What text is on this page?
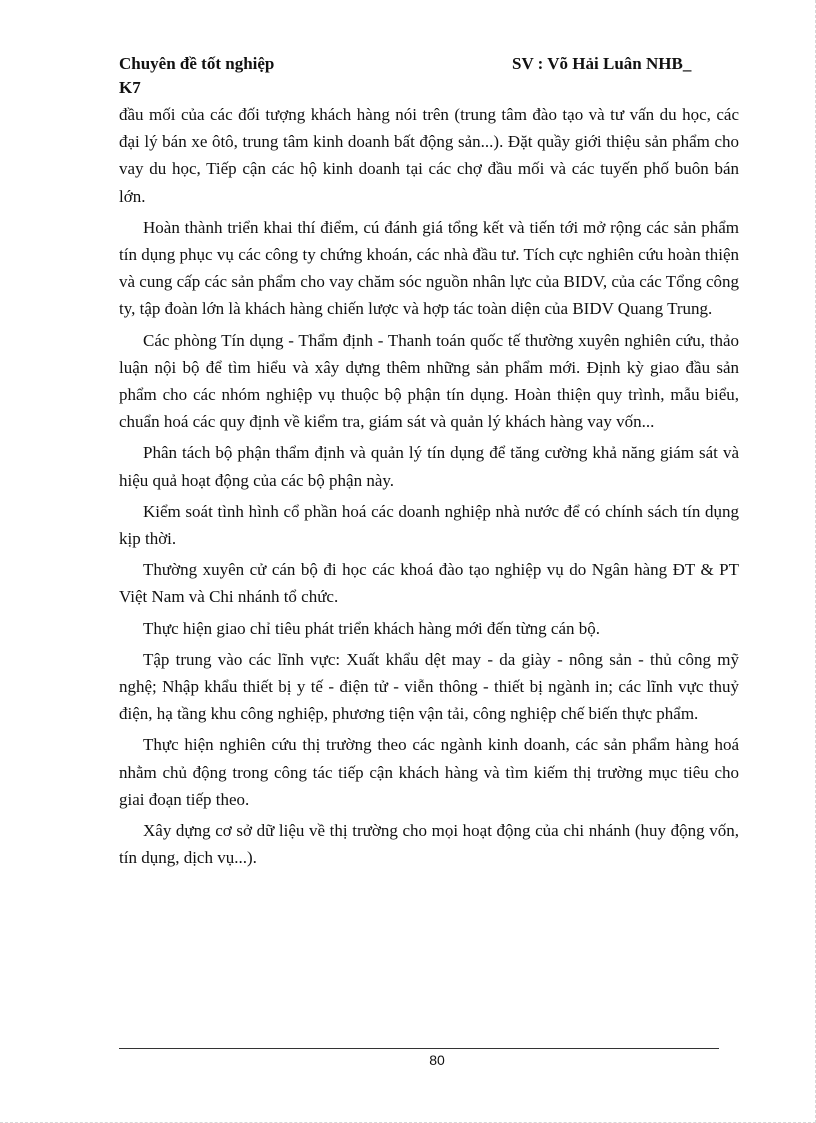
Chuyên đề tốt nghiệp	SV : Võ Hải Luân NHB_
K7

đầu mối của các đối tượng khách hàng nói trên (trung tâm đào tạo và tư vấn du học, các đại lý bán xe ôtô, trung tâm kinh doanh bất động sản...). Đặt quầy giới thiệu sản phẩm cho vay du học, Tiếp cận các hộ kinh doanh tại các chợ đầu mối và các tuyến phố buôn bán lớn.

Hoàn thành triển khai thí điểm, cú đánh giá tổng kết và tiến tới mở rộng các sản phẩm tín dụng phục vụ các công ty chứng khoán, các nhà đầu tư. Tích cực nghiên cứu hoàn thiện và cung cấp các sản phẩm cho vay chăm sóc nguồn nhân lực của BIDV, của các Tổng công ty, tập đoàn lớn là khách hàng chiến lược và hợp tác toàn diện của BIDV Quang Trung.

Các phòng Tín dụng - Thẩm định - Thanh toán quốc tế thường xuyên nghiên cứu, thảo luận nội bộ để tìm hiểu và xây dựng thêm những sản phẩm mới. Định kỳ giao đầu sản phẩm cho các nhóm nghiệp vụ thuộc bộ phận tín dụng. Hoàn thiện quy trình, mẫu biểu, chuẩn hoá các quy định về kiểm tra, giám sát và quản lý khách hàng vay vốn...

Phân tách bộ phận thẩm định và quản lý tín dụng để tăng cường khả năng giám sát và hiệu quả hoạt động của các bộ phận này.

Kiểm soát tình hình cổ phần hoá các doanh nghiệp nhà nước để có chính sách tín dụng kịp thời.

Thường xuyên cử cán bộ đi học các khoá đào tạo nghiệp vụ do Ngân hàng ĐT & PT Việt Nam và Chi nhánh tổ chức.

Thực hiện giao chỉ tiêu phát triển khách hàng mới đến từng cán bộ.

Tập trung vào các lĩnh vực: Xuất khẩu dệt may - da giày - nông sản - thủ công mỹ nghệ; Nhập khẩu thiết bị y tế - điện tử - viễn thông - thiết bị ngành in; các lĩnh vực thuỷ điện, hạ tầng khu công nghiệp, phương tiện vận tải, công nghiệp chế biến thực phẩm.

Thực hiện nghiên cứu thị trường theo các ngành kinh doanh, các sản phẩm hàng hoá nhằm chủ động trong công tác tiếp cận khách hàng và tìm kiếm thị trường mục tiêu cho giai đoạn tiếp theo.

Xây dựng cơ sở dữ liệu về thị trường cho mọi hoạt động của chi nhánh (huy động vốn, tín dụng, dịch vụ...).

80
